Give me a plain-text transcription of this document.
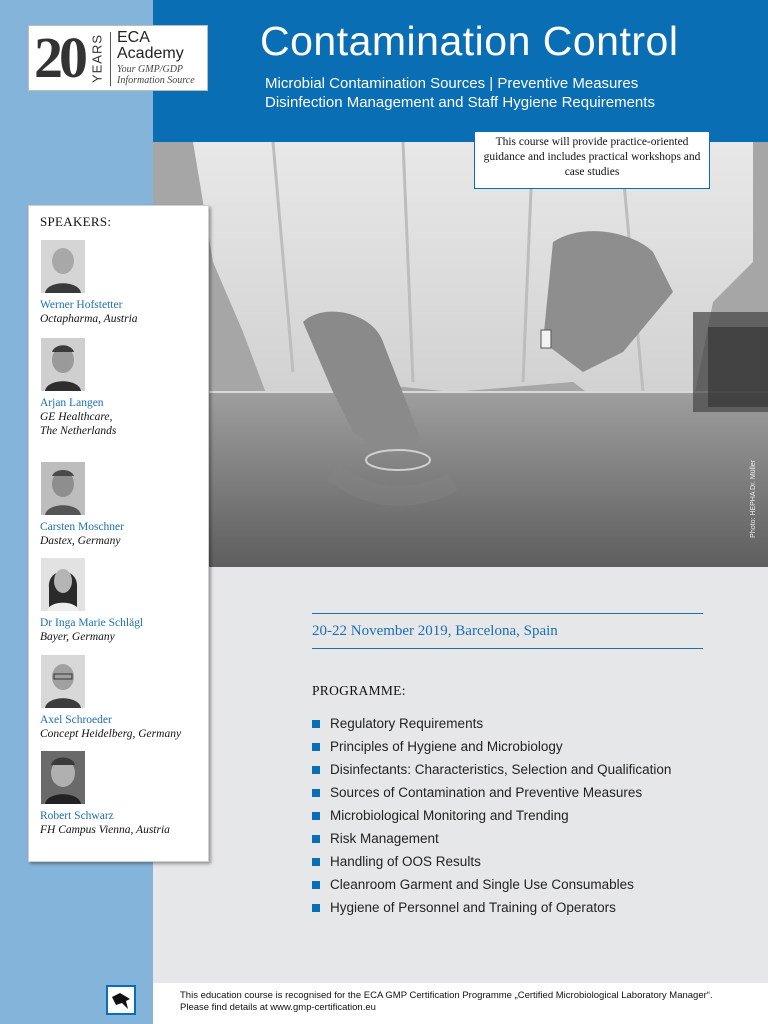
20 YEARS ECA
Academy
Your GMP/GDP
Information Source
Contamination Control
Microbial Contamination Sources | Preventive Measures
Disinfection Management and Staff Hygiene Requirements
Photo: HEPHA Dr. Müller
This course will provide practice-oriented guidance and includes practical workshops and case studies
SPEAKERS:
Werner Hofstetter
Octapharma, Austria
Arjan Langen
GE Healthcare,
The Netherlands
Carsten Moschner
Dastex, Germany
Dr Inga Marie Schlägl
Bayer, Germany
Axel Schroeder
Concept Heidelberg, Germany
Robert Schwarz
FH Campus Vienna, Austria
20-22 November 2019, Barcelona, Spain
PROGRAMME:
Regulatory Requirements
Principles of Hygiene and Microbiology
Disinfectants: Characteristics, Selection and Qualification
Sources of Contamination and Preventive Measures
Microbiological Monitoring and Trending
Risk Management
Handling of OOS Results
Cleanroom Garment and Single Use Consumables
Hygiene of Personnel and Training of Operators
This education course is recognised for the ECA GMP Certification Programme „Certified Microbiological Laboratory Manager“.
Please find details at www.gmp-certification.eu
